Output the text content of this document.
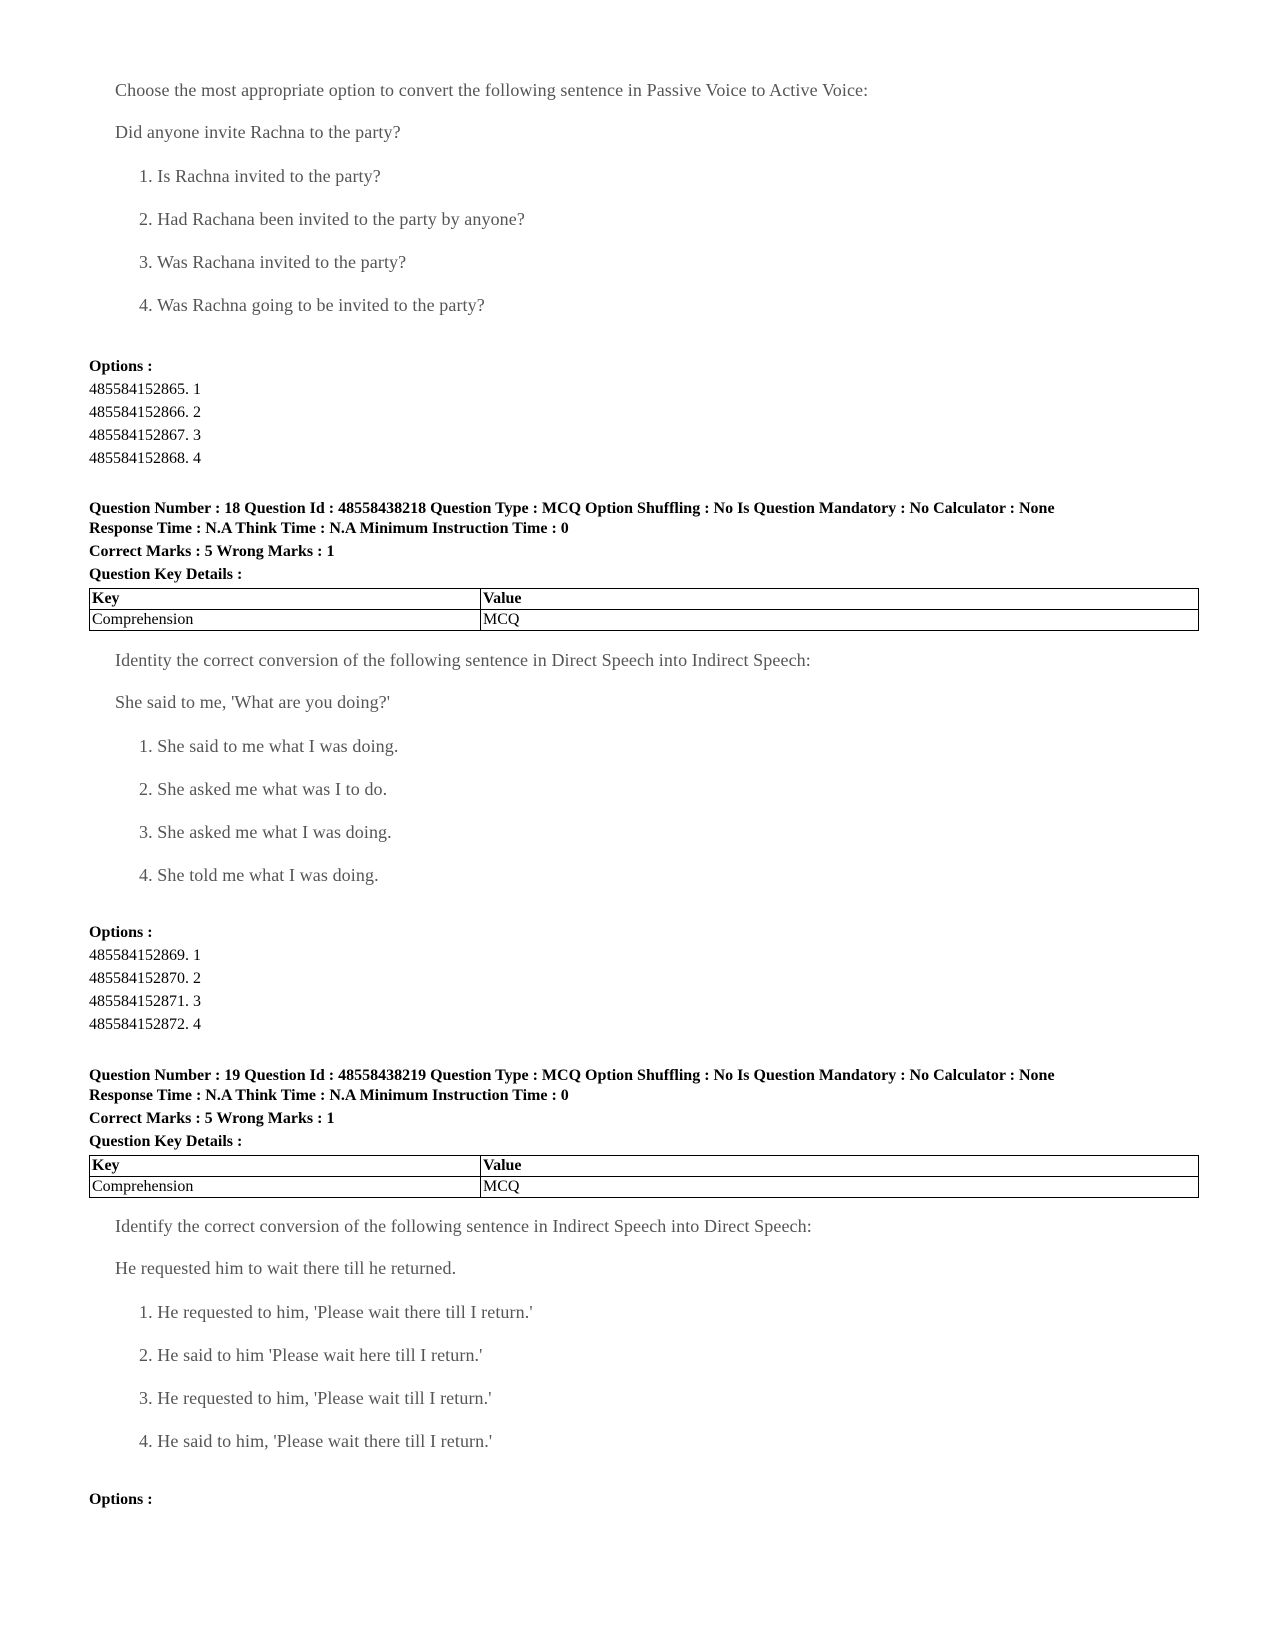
Choose the most appropriate option to convert the following sentence in Passive Voice to Active Voice:
Did anyone invite Rachna to the party?
1. Is Rachna invited to the party?
2. Had Rachana been invited to the party by anyone?
3. Was Rachana invited to the party?
4. Was Rachna going to be invited to the party?
Options :
485584152865. 1
485584152866. 2
485584152867. 3
485584152868. 4
Question Number : 18 Question Id : 48558438218 Question Type : MCQ Option Shuffling : No Is Question Mandatory : No Calculator : None
Response Time : N.A Think Time : N.A Minimum Instruction Time : 0
Correct Marks : 5 Wrong Marks : 1
Question Key Details :
Key	Value
Comprehension	MCQ
Identity the correct conversion of the following sentence in Direct Speech into Indirect Speech:
She said to me, 'What are you doing?'
1. She said to me what I was doing.
2. She asked me what was I to do.
3. She asked me what I was doing.
4. She told me what I was doing.
Options :
485584152869. 1
485584152870. 2
485584152871. 3
485584152872. 4
Question Number : 19 Question Id : 48558438219 Question Type : MCQ Option Shuffling : No Is Question Mandatory : No Calculator : None
Response Time : N.A Think Time : N.A Minimum Instruction Time : 0
Correct Marks : 5 Wrong Marks : 1
Question Key Details :
Key	Value
Comprehension	MCQ
Identify the correct conversion of the following sentence in Indirect Speech into Direct Speech:
He requested him to wait there till he returned.
1. He requested to him, 'Please wait there till I return.'
2. He said to him 'Please wait here till I return.'
3. He requested to him, 'Please wait till I return.'
4. He said to him, 'Please wait there till I return.'
Options :
